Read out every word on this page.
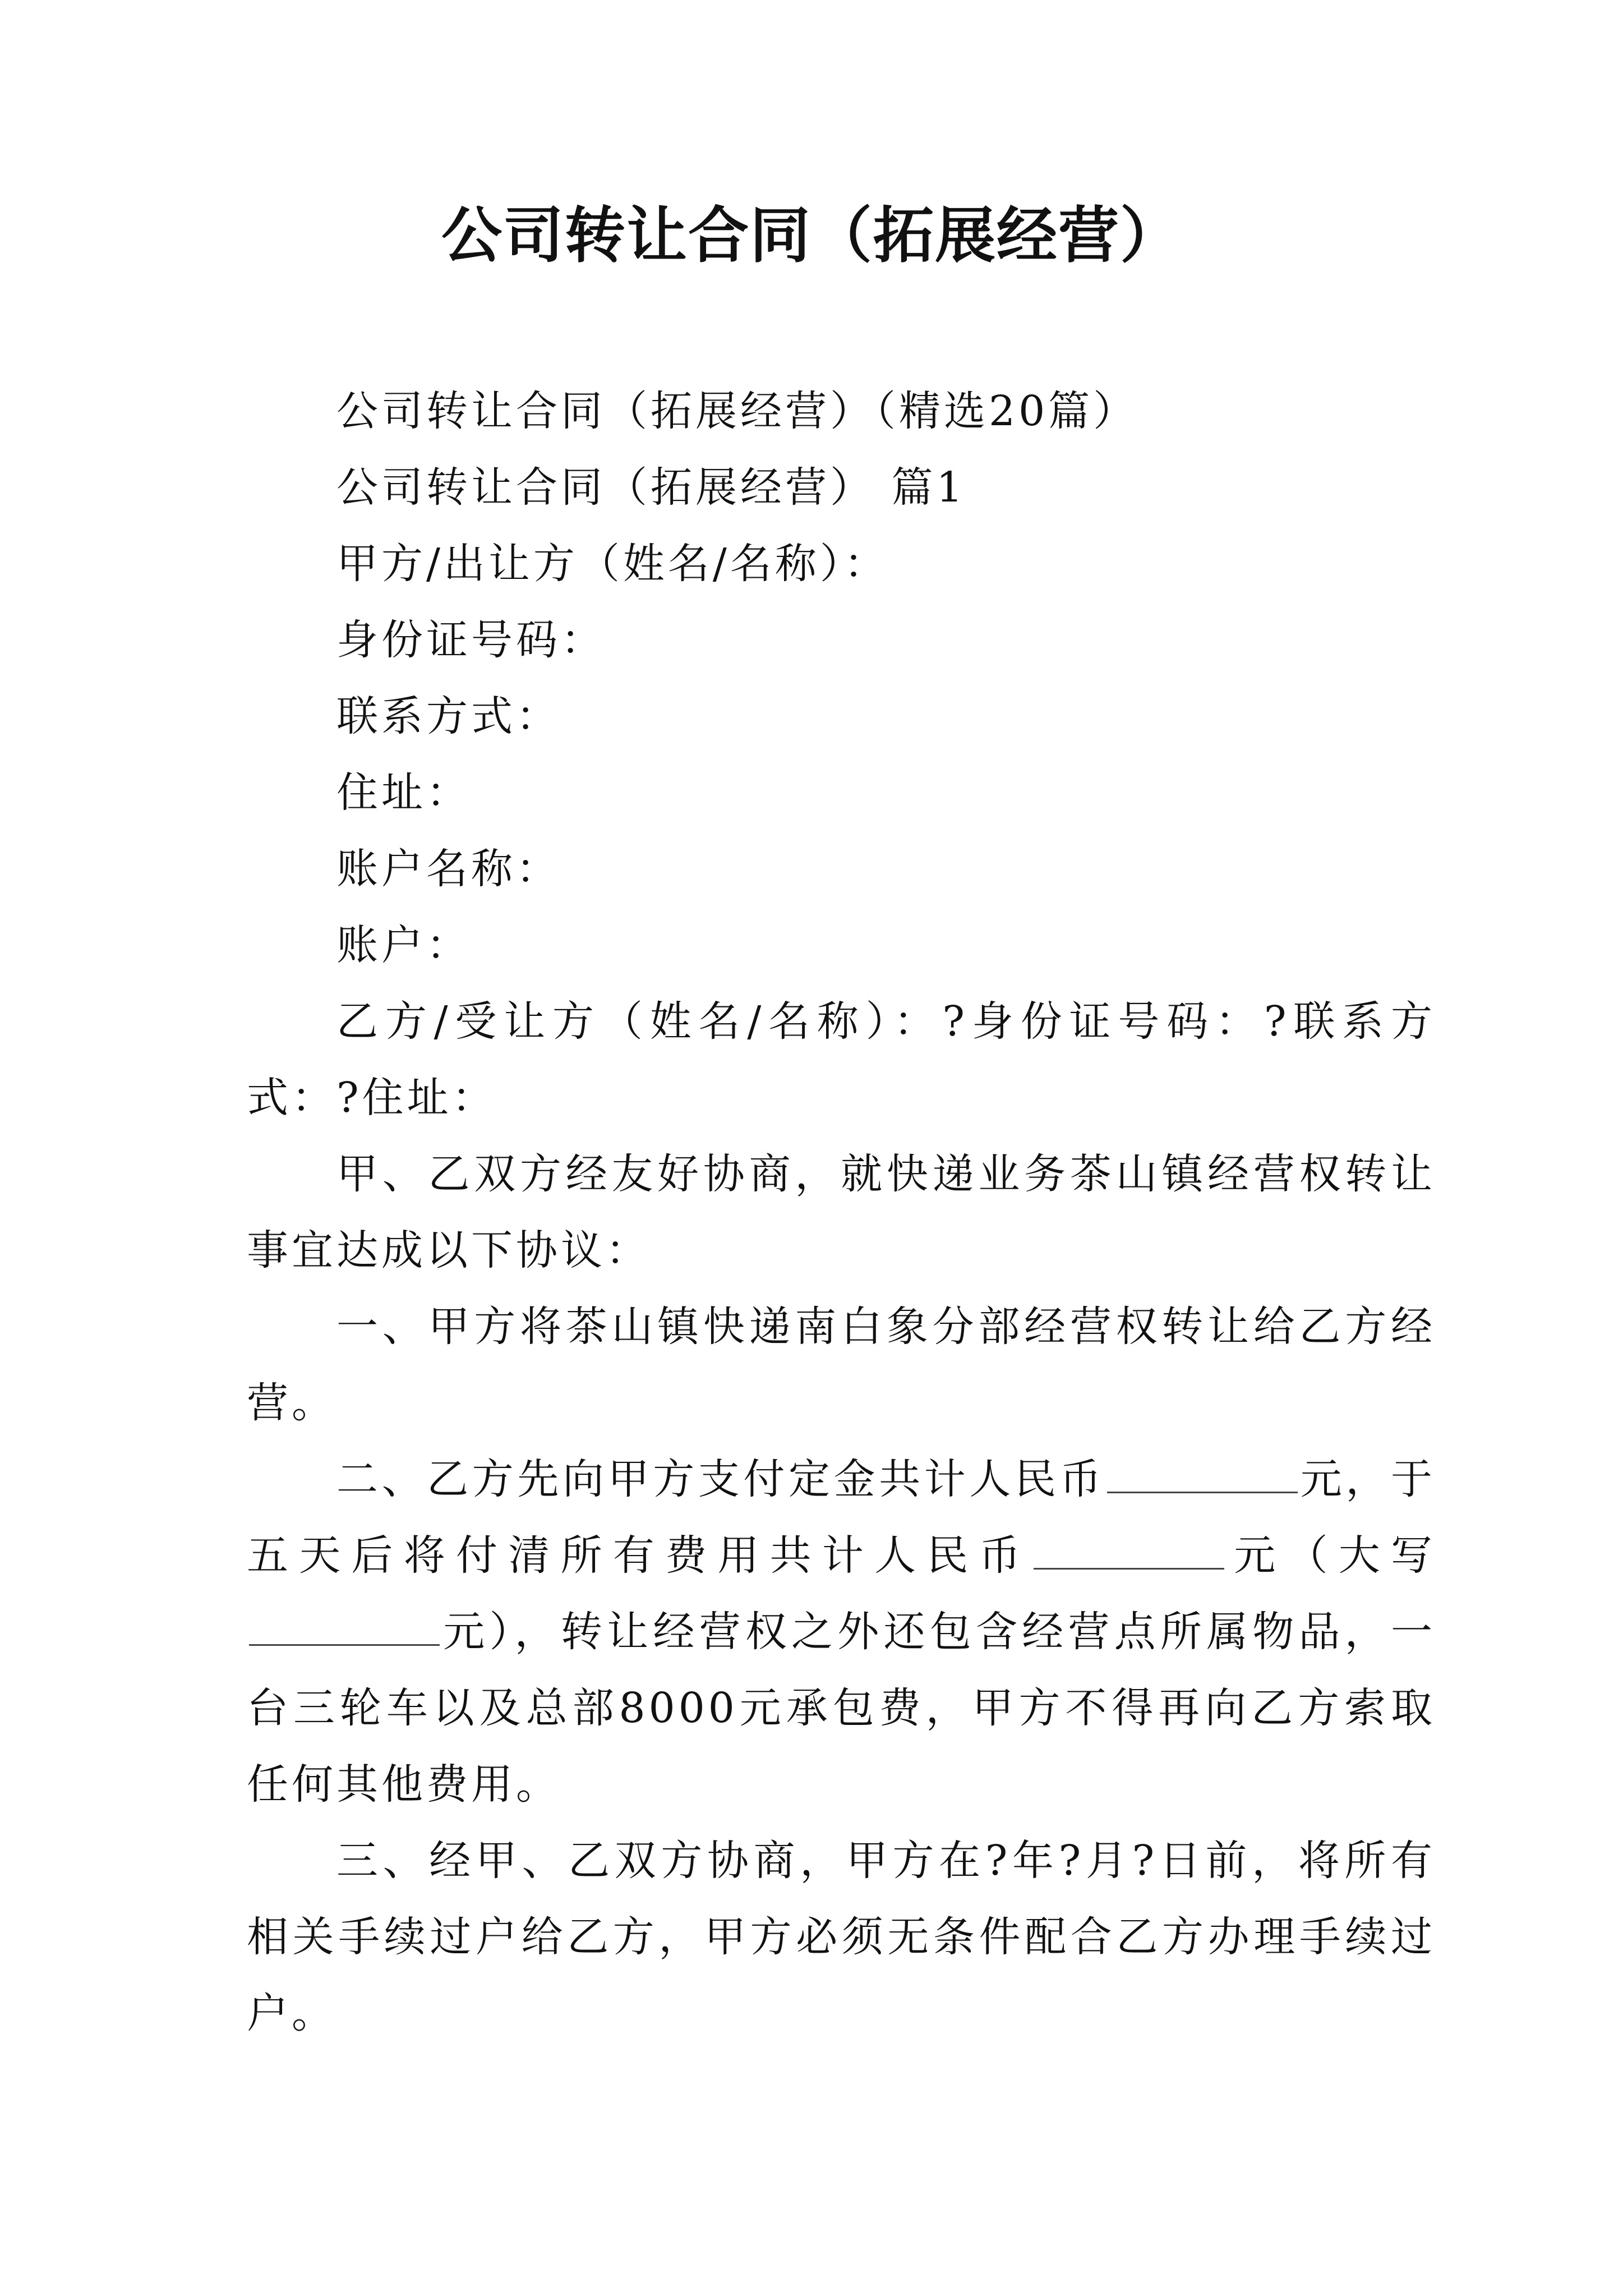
公司转让合同（拓展经营）

公司转让合同（拓展经营）（精选20篇）

公司转让合同（拓展经营） 篇1

甲方/出让方（姓名/名称）：

身份证号码：

联系方式：

住址：

账户名称：

账户：

乙方/受让方（姓名/名称）：?身份证号码：?联系方式：?住址：

甲、乙双方经友好协商，就快递业务茶山镇经营权转让事宜达成以下协议：

一、甲方将茶山镇快递南白象分部经营权转让给乙方经营。

二、乙方先向甲方支付定金共计人民币	元，于五天后将付清所有费用共计人民币	元（大写元），转让经营权之外还包含经营点所属物品，一台三轮车以及总部8000元承包费，甲方不得再向乙方索取任何其他费用。

三、经甲、乙双方协商，甲方在?年?月?日前，将所有相关手续过户给乙方，甲方必须无条件配合乙方办理手续过户。
